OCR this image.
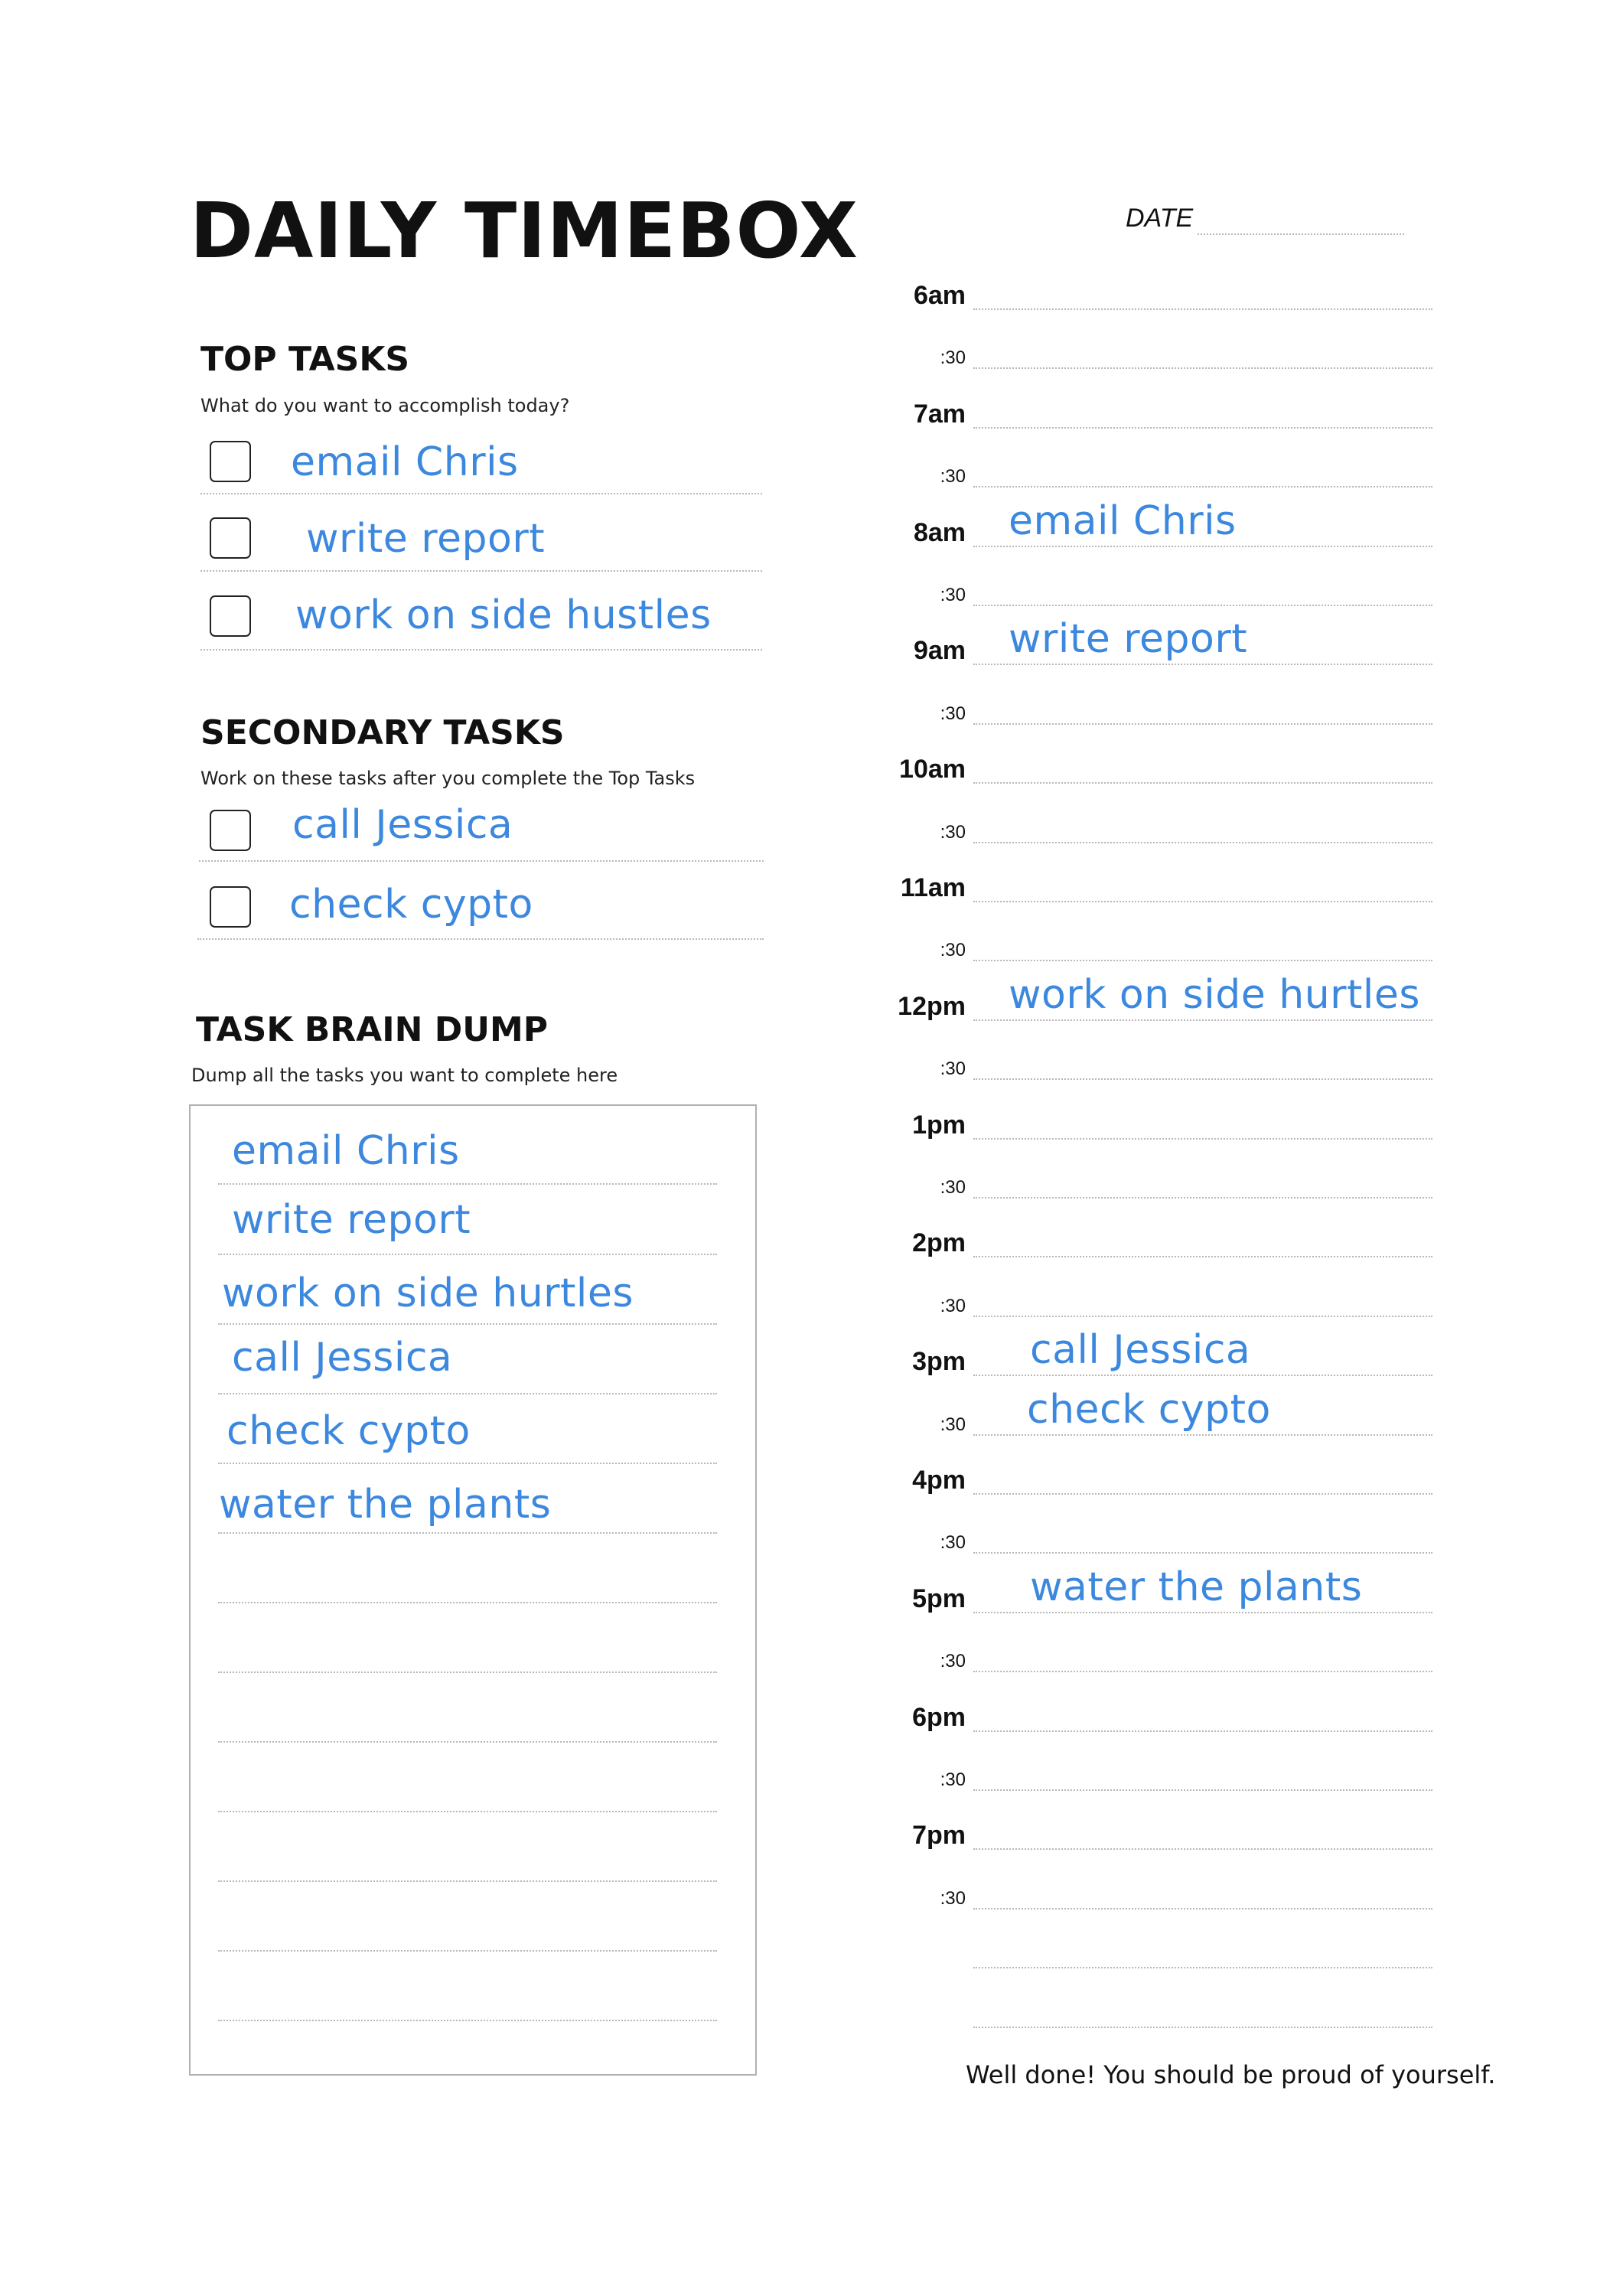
DAILY TIMEBOX	DATE
TOP TASKS
What do you want to accomplish today?
email Chris
write report
work on side hustles
SECONDARY TASKS
Work on these tasks after you complete the Top Tasks
call Jessica
check cypto
TASK BRAIN DUMP
Dump all the tasks you want to complete here
email Chris
write report
work on side hurtles
call Jessica
check cypto
water the plants
6am
:30
7am
:30
8am
:30
email Chris
9am
:30
write report
10am
:30
11am
:30
12pm
:30
work on side hurtles
1pm
:30
2pm
:30
3pm
:30
call Jessica
check cypto
4pm
:30
5pm
:30
water the plants
6pm
:30
7pm
:30
Well done! You should be proud of yourself.
